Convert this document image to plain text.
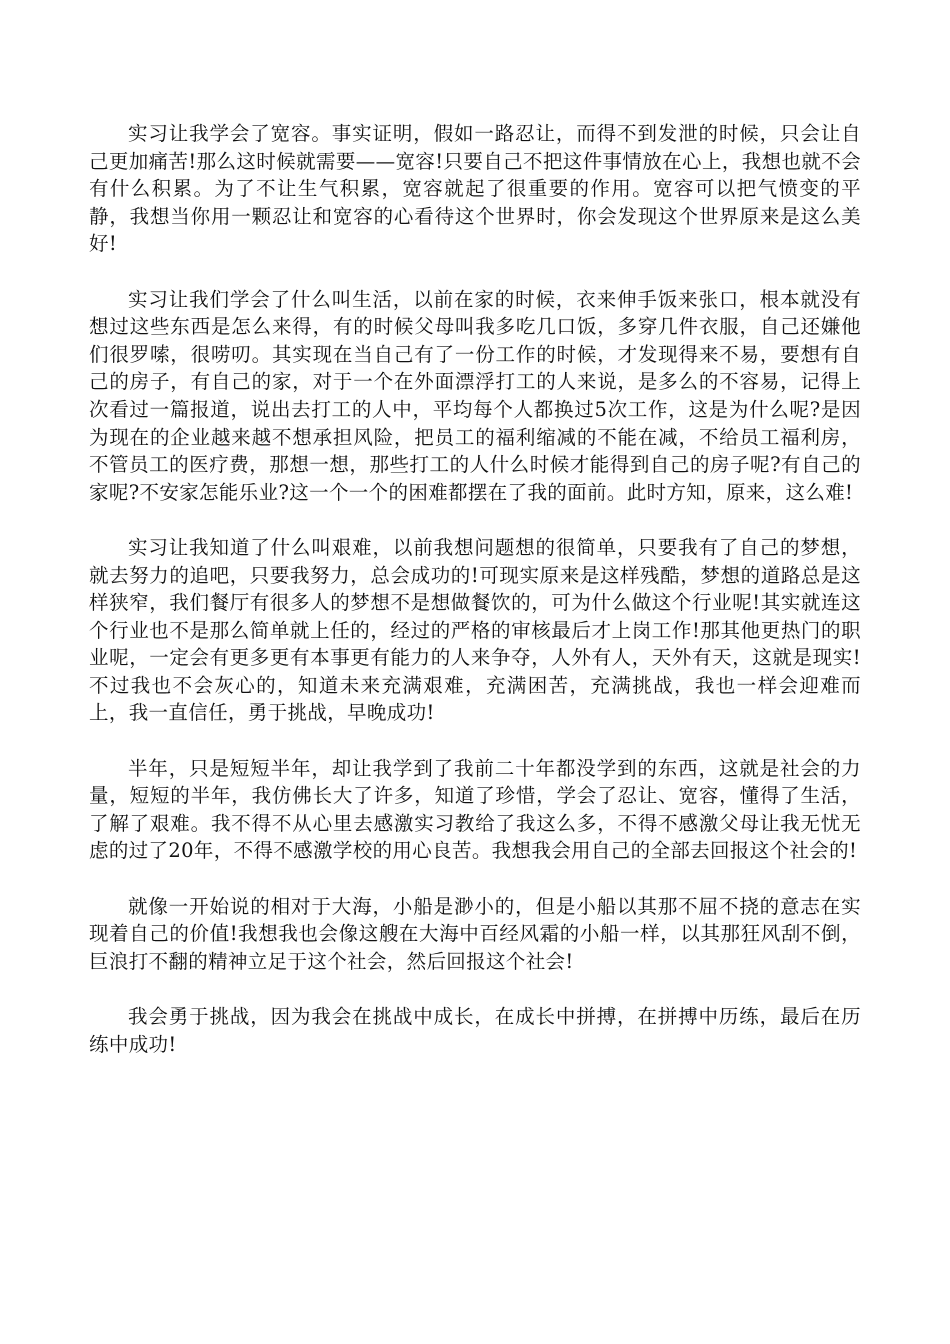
实习让我学会了宽容。事实证明，假如一路忍让，而得不到发泄的时候，只会让自己更加痛苦!那么这时候就需要——宽容!只要自己不把这件事情放在心上，我想也就不会有什么积累。为了不让生气积累，宽容就起了很重要的作用。宽容可以把气愤变的平静，我想当你用一颗忍让和宽容的心看待这个世界时，你会发现这个世界原来是这么美好!

实习让我们学会了什么叫生活，以前在家的时候，衣来伸手饭来张口，根本就没有想过这些东西是怎么来得，有的时候父母叫我多吃几口饭，多穿几件衣服，自己还嫌他们很罗嗦，很唠叨。其实现在当自己有了一份工作的时候，才发现得来不易，要想有自己的房子，有自己的家，对于一个在外面漂浮打工的人来说，是多么的不容易，记得上次看过一篇报道，说出去打工的人中，平均每个人都换过5次工作，这是为什么呢?是因为现在的企业越来越不想承担风险，把员工的福利缩减的不能在减，不给员工福利房，不管员工的医疗费，那想一想，那些打工的人什么时候才能得到自己的房子呢?有自己的家呢?不安家怎能乐业?这一个一个的困难都摆在了我的面前。此时方知，原来，这么难!

实习让我知道了什么叫艰难，以前我想问题想的很简单，只要我有了自己的梦想，就去努力的追吧，只要我努力，总会成功的!可现实原来是这样残酷，梦想的道路总是这样狭窄，我们餐厅有很多人的梦想不是想做餐饮的，可为什么做这个行业呢!其实就连这个行业也不是那么简单就上任的，经过的严格的审核最后才上岗工作!那其他更热门的职业呢，一定会有更多更有本事更有能力的人来争夺，人外有人，天外有天，这就是现实!不过我也不会灰心的，知道未来充满艰难，充满困苦，充满挑战，我也一样会迎难而上，我一直信任，勇于挑战，早晚成功!

半年，只是短短半年，却让我学到了我前二十年都没学到的东西，这就是社会的力量，短短的半年，我仿佛长大了许多，知道了珍惜，学会了忍让、宽容，懂得了生活，了解了艰难。我不得不从心里去感激实习教给了我这么多，不得不感激父母让我无忧无虑的过了20年，不得不感激学校的用心良苦。我想我会用自己的全部去回报这个社会的!

就像一开始说的相对于大海，小船是渺小的，但是小船以其那不屈不挠的意志在实现着自己的价值!我想我也会像这艘在大海中百经风霜的小船一样，以其那狂风刮不倒，巨浪打不翻的精神立足于这个社会，然后回报这个社会!

我会勇于挑战，因为我会在挑战中成长，在成长中拼搏，在拼搏中历练，最后在历练中成功!
